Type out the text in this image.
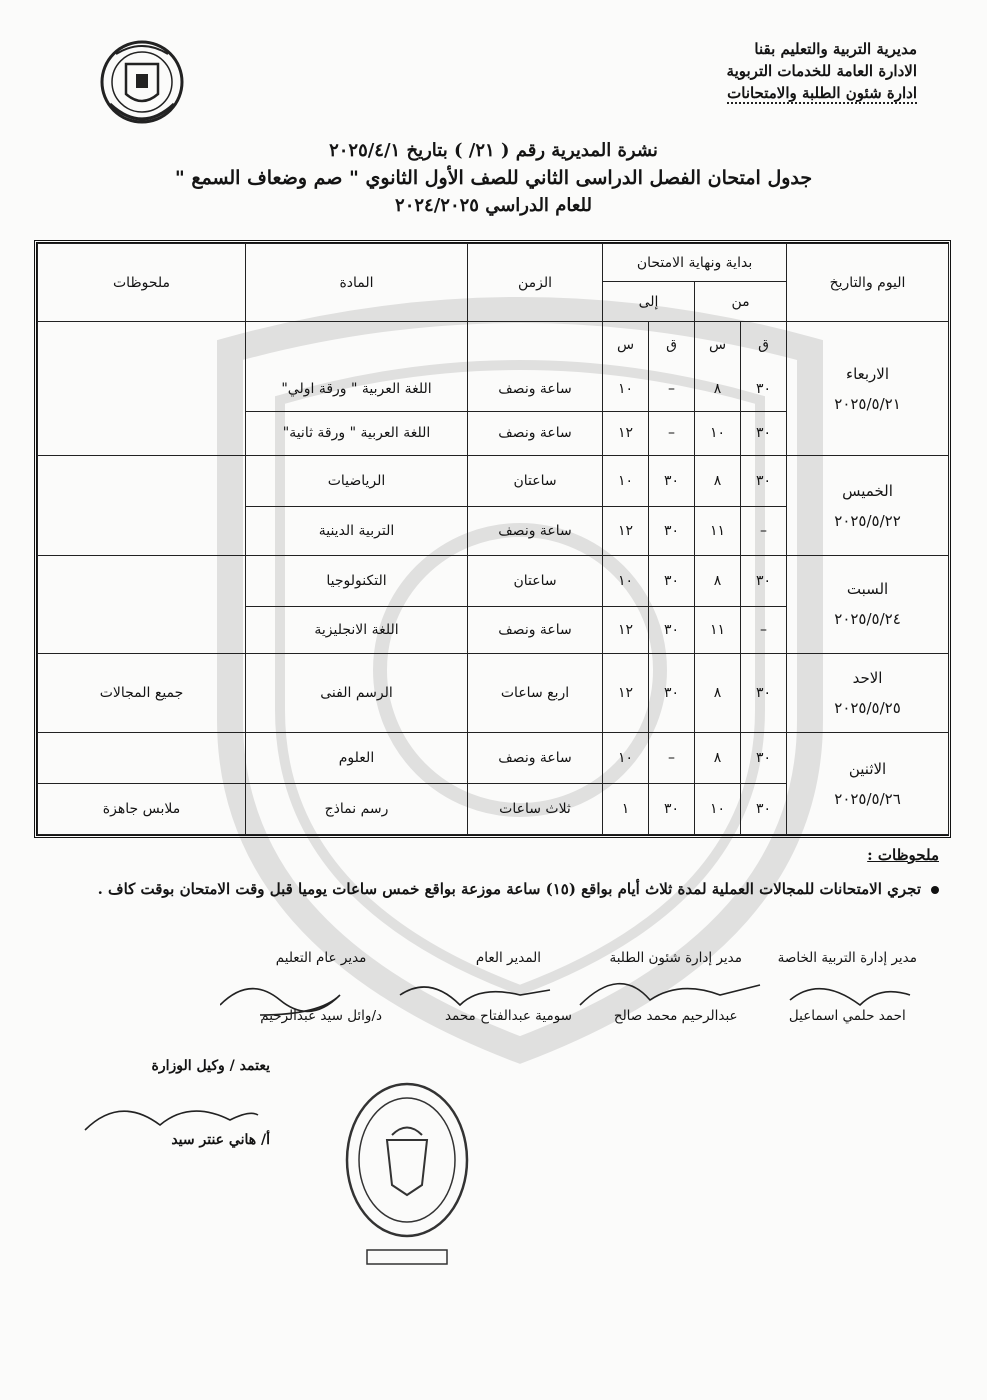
مديرية التربية والتعليم بقنا
الادارة العامة للخدمات التربوية
ادارة شئون الطلبة والامتحانات
نشرة المديرية رقم ( ٢١/ ) بتاريخ ٢٠٢٥/٤/١
جدول امتحان الفصل الدراسى الثاني للصف الأول الثانوي " صم وضعاف السمع "
للعام الدراسي ٢٠٢٤/٢٠٢٥
اليوم والتاريخ	بداية ونهاية الامتحان				الزمن	المادة	ملحوظات
	من		إلى				

الاربعاء
٢٠٢٥/٥/٢١	ق	س	ق	س			
	٣٠	٨	–	١٠	ساعة ونصف	اللغة العربية " ورقة اولي"	
	٣٠	١٠	–	١٢	ساعة ونصف	اللغة العربية " ورقة ثانية"	

الخميس
٢٠٢٥/٥/٢٢	٣٠	٨	٣٠	١٠	ساعتان	الرياضيات	
	–	١١	٣٠	١٢	ساعة ونصف	التربية الدينية	

السبت
٢٠٢٥/٥/٢٤	٣٠	٨	٣٠	١٠	ساعتان	التكنولوجيا	
	–	١١	٣٠	١٢	ساعة ونصف	اللغة الانجليزية	

الاحد
٢٠٢٥/٥/٢٥	٣٠	٨	٣٠	١٢	اربع ساعات	الرسم الفنى	جميع المجالات

الاثنين
٢٠٢٥/٥/٢٦	٣٠	٨	–	١٠	ساعة ونصف	العلوم	
	٣٠	١٠	٣٠	١	ثلاث ساعات	رسم نماذج	ملابس جاهزة
ملحوظات :
تجري الامتحانات للمجالات العملية لمدة ثلاث أيام بواقع (١٥) ساعة موزعة بواقع خمس ساعات يوميا قبل وقت الامتحان بوقت كاف .
مدير إدارة التربية الخاصة
احمد حلمي اسماعيل
مدير إدارة شئون الطلبة
عبدالرحيم محمد صالح
المدير العام
سومية عبدالفتاح محمد
مدير عام التعليم
د/وائل سيد عبدالرحيم
يعتمد / وكيل الوزارة
أ/ هاني عنتر سيد
